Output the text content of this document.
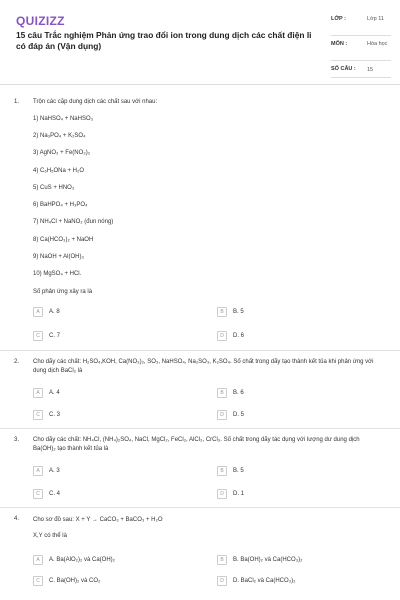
QUIZIZZ
15 câu Trắc nghiệm Phản ứng trao đổi ion trong dung dịch các chất điện li có đáp án (Vận dụng)
LỚP :	Lớp 11
MÔN :	Hóa học
SỐ CÂU : 15
1. Trộn các cặp dung dịch các chất sau với nhau:
1) NaHSO₄ + NaHSO₃
2) Na₃PO₄ + K₂SO₄
3) AgNO₃ + Fe(NO₃)₂
4) C₆H₅ONa + H₂O
5) CuS + HNO₃
6) BaHPO₄ + H₃PO₄
7) NH₄Cl + NaNO₂ (đun nóng)
8) Ca(HCO₃)₂ + NaOH
9) NaOH + Al(OH)₃
10) MgSO₄ + HCl.
Số phản ứng xảy ra là
A	A. 8	B	B. 5
C	C. 7	D	D. 6
2. Cho dãy các chất: H₂SO₄,KOH, Ca(NO₃)₂, SO₃, NaHSO₄, Na₂SO₃, K₂SO₄. Số chất trong dãy tạo thành kết tủa khi phản ứng với dung dịch BaCl₂ là
A	A. 4	B	B. 6
C	C. 3	D	D. 5
3. Cho dãy các chất: NH₄Cl, (NH₄)₂SO₄, NaCl, MgCl₂, FeCl₂, AlCl₃, CrCl₃. Số chất trong dãy tác dụng với lượng dư dung dịch Ba(OH)₂ tạo thành kết tủa là
A	A. 3	B	B. 5
C	C. 4	D	D. 1
4. Cho sơ đồ sau: X + Y → CaCO₃ + BaCO₃ + H₂O
X,Y có thể là
A	A. Ba(AlO₂)₂ và Ca(OH)₂	B	B. Ba(OH)₂ và Ca(HCO₃)₂
C	C. Ba(OH)₂ và CO₂	D	D. BaCl₂ và Ca(HCO₃)₂
